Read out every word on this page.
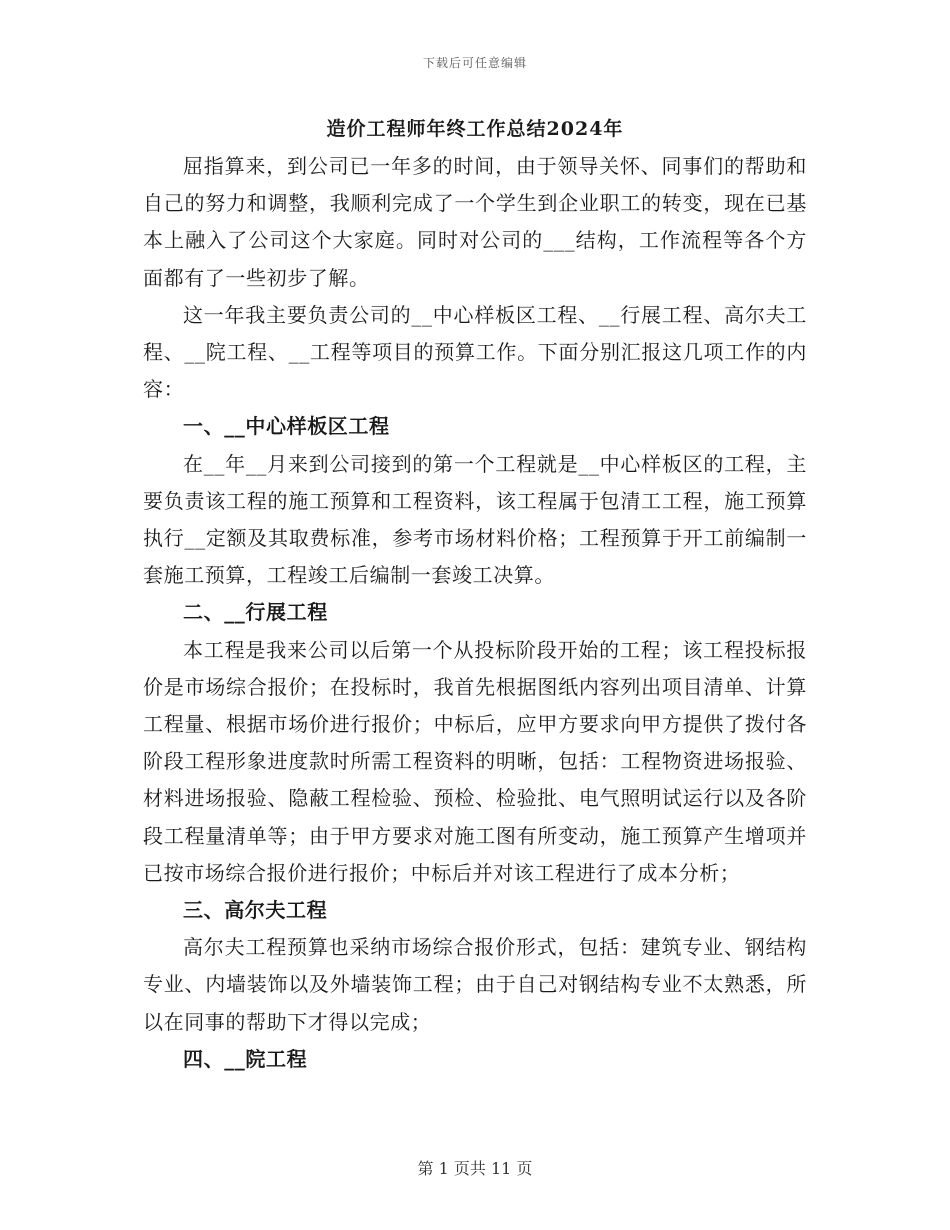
下载后可任意编辑
造价工程师年终工作总结2024年

屈指算来，到公司已一年多的时间，由于领导关怀、同事们的帮助和自己的努力和调整，我顺利完成了一个学生到企业职工的转变，现在已基本上融入了公司这个大家庭。同时对公司的___结构，工作流程等各个方面都有了一些初步了解。

这一年我主要负责公司的__中心样板区工程、__行展工程、高尔夫工程、__院工程、__工程等项目的预算工作。下面分别汇报这几项工作的内容：

一、__中心样板区工程

在__年__月来到公司接到的第一个工程就是__中心样板区的工程，主要负责该工程的施工预算和工程资料，该工程属于包清工工程，施工预算执行__定额及其取费标准，参考市场材料价格；工程预算于开工前编制一套施工预算，工程竣工后编制一套竣工决算。

二、__行展工程

本工程是我来公司以后第一个从投标阶段开始的工程；该工程投标报价是市场综合报价；在投标时，我首先根据图纸内容列出项目清单、计算工程量、根据市场价进行报价；中标后，应甲方要求向甲方提供了拨付各阶段工程形象进度款时所需工程资料的明晰，包括：工程物资进场报验、材料进场报验、隐蔽工程检验、预检、检验批、电气照明试运行以及各阶段工程量清单等；由于甲方要求对施工图有所变动，施工预算产生增项并已按市场综合报价进行报价；中标后并对该工程进行了成本分析；

三、高尔夫工程

高尔夫工程预算也采纳市场综合报价形式，包括：建筑专业、钢结构专业、内墙装饰以及外墙装饰工程；由于自己对钢结构专业不太熟悉，所以在同事的帮助下才得以完成；

四、__院工程

第 1 页共 11 页
